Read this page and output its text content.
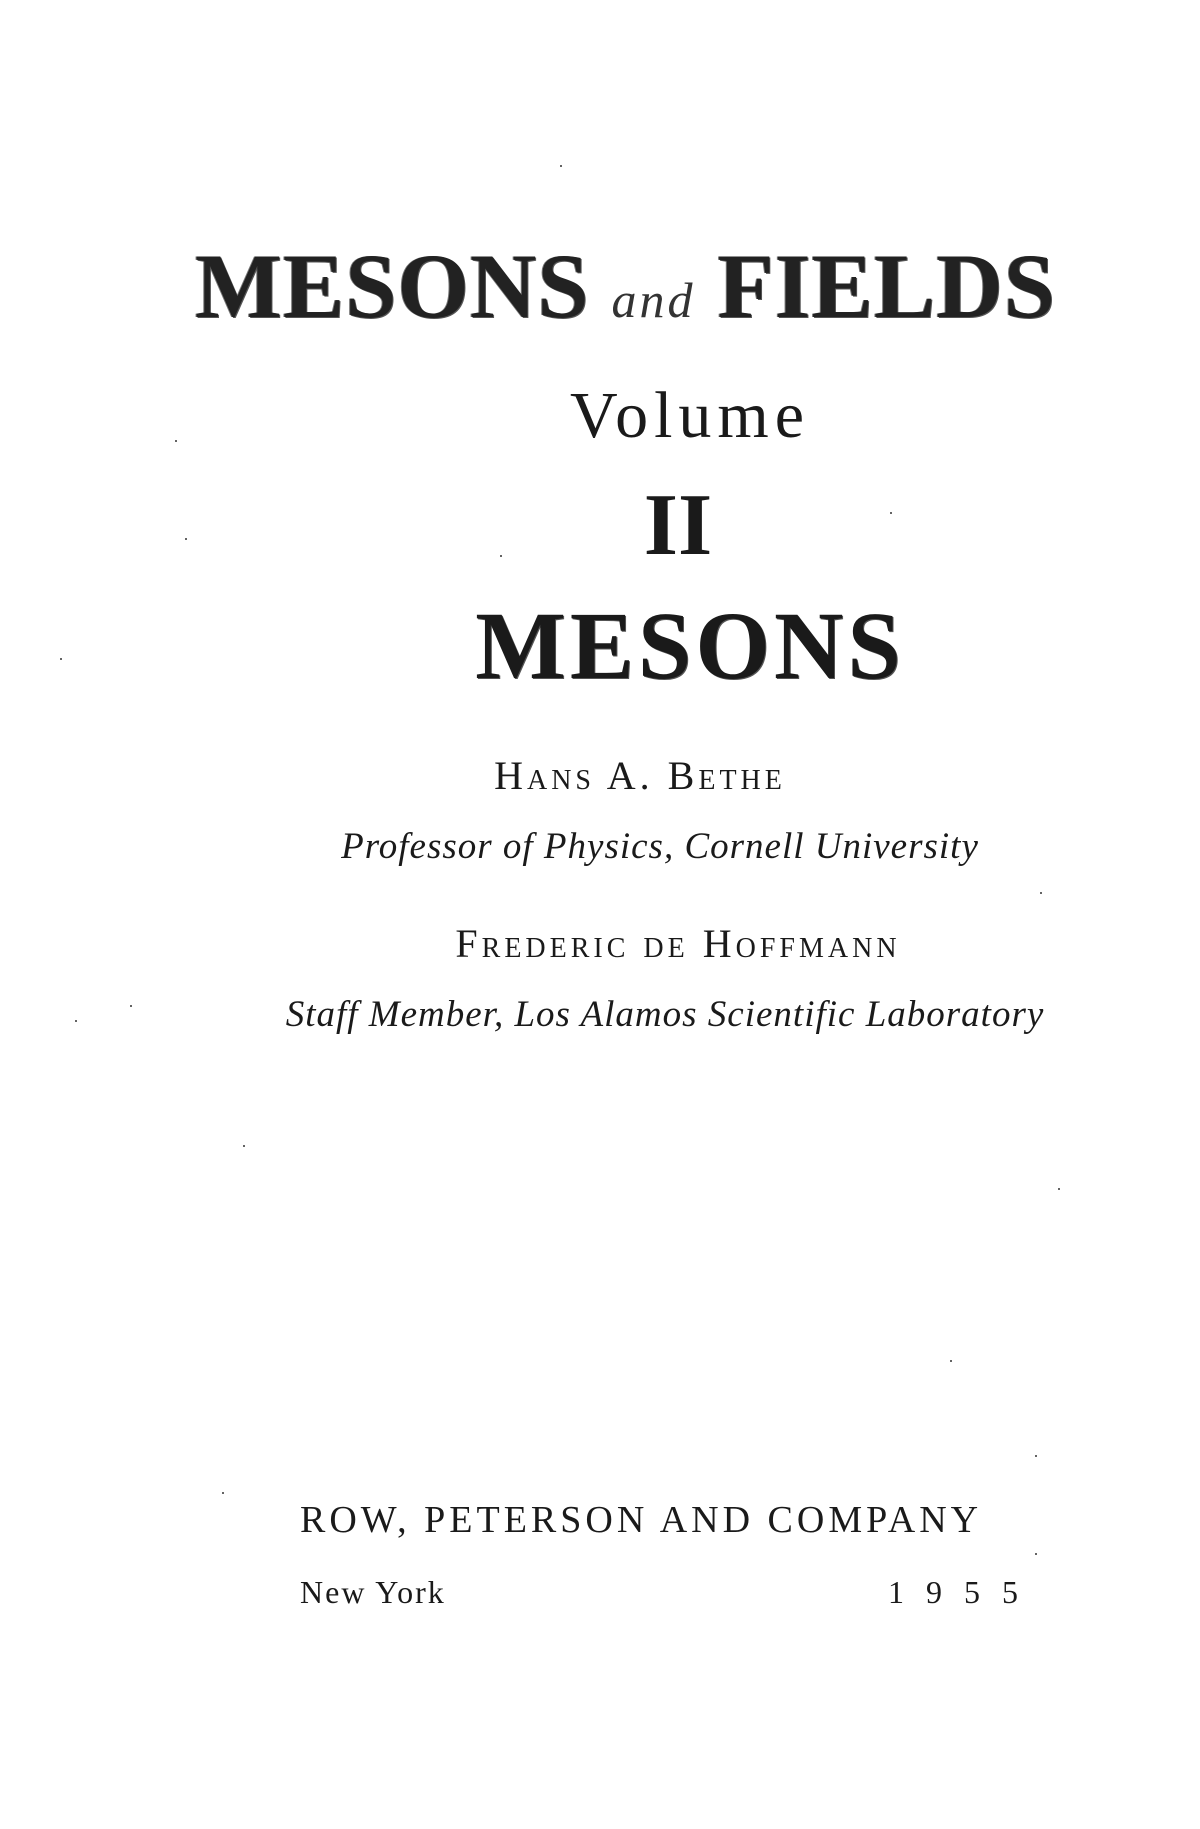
MESONS and FIELDS
Volume
II
MESONS
Hans A. Bethe
Professor of Physics, Cornell University
Frederic de Hoffmann
Staff Member, Los Alamos Scientific Laboratory
ROW, PETERSON AND COMPANY
New York	1955
